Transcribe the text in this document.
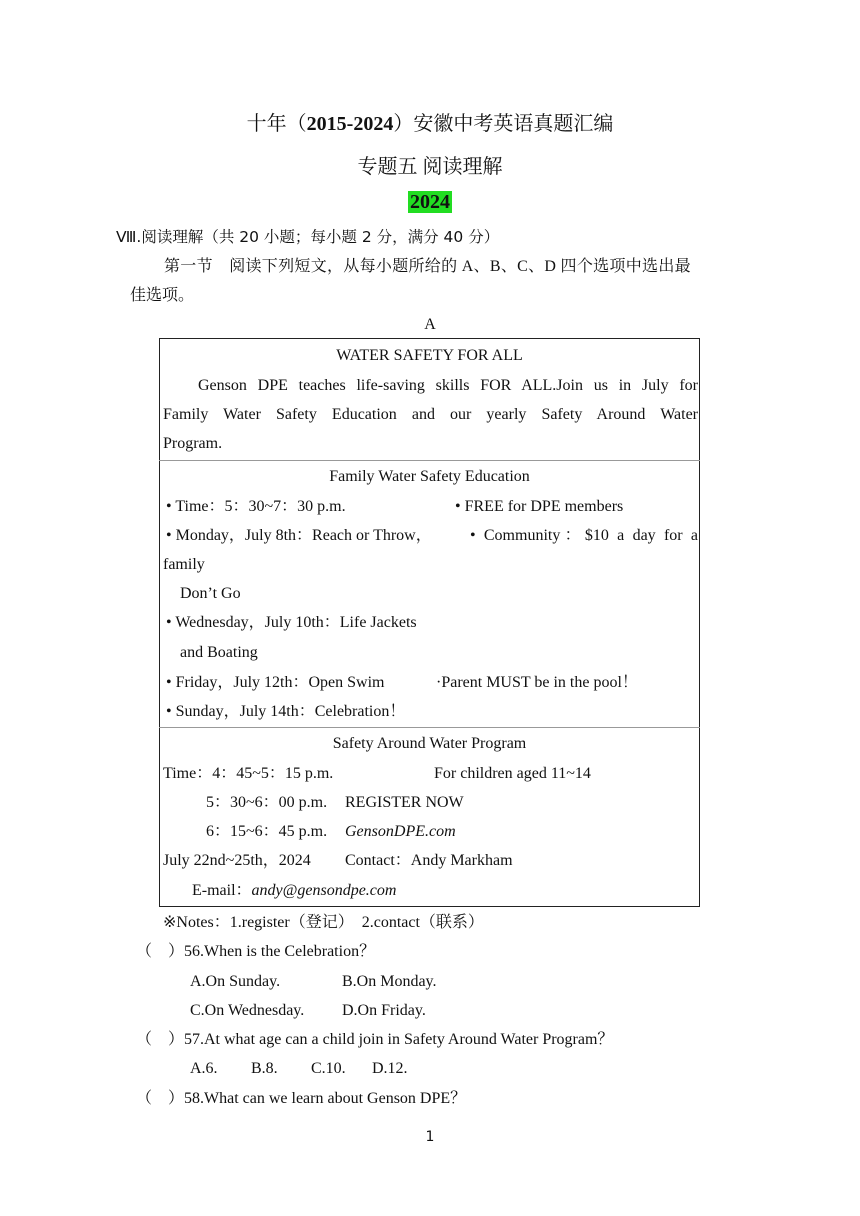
十年（2015-2024）安徽中考英语真题汇编
专题五 阅读理解
2024
Ⅷ.阅读理解（共 20 小题；每小题 2 分，满分 40 分）
第一节　阅读下列短文，从每小题所给的 A、B、C、D 四个选项中选出最
佳选项。
A
WATER SAFETY FOR ALL
Genson DPE teaches life‑saving skills FOR ALL.Join us in July for
Family Water Safety Education and our yearly Safety Around Water
Program.
Family Water Safety Education
• Time：5：30~7：30 p.m.	• FREE for DPE members
• Monday，July 8th：Reach or Throw， • Community：$10 a day for a
family
Don’t Go
• Wednesday，July 10th：Life Jackets
and Boating
• Friday，July 12th：Open Swim	·Parent MUST be in the pool！
• Sunday，July 14th：Celebration！
Safety Around Water Program
Time：4：45~5：15 p.m.	For children aged 11~14
5：30~6：00 p.m. REGISTER NOW
6：15~6：45 p.m. GensonDPE.com
July 22nd~25th，2024 Contact：Andy Markham
E‑mail：andy@gensondpe.com
※Notes：1.register（登记）　2.contact（联系）
（　）56.When is the Celebration？
A.On Sunday.	B.On Monday.
C.On Wednesday. D.On Friday.
（　）57.At what age can a child join in Safety Around Water Program？
A.6. B.8. C.10. D.12.
（　）58.What can we learn about Genson DPE？
1
